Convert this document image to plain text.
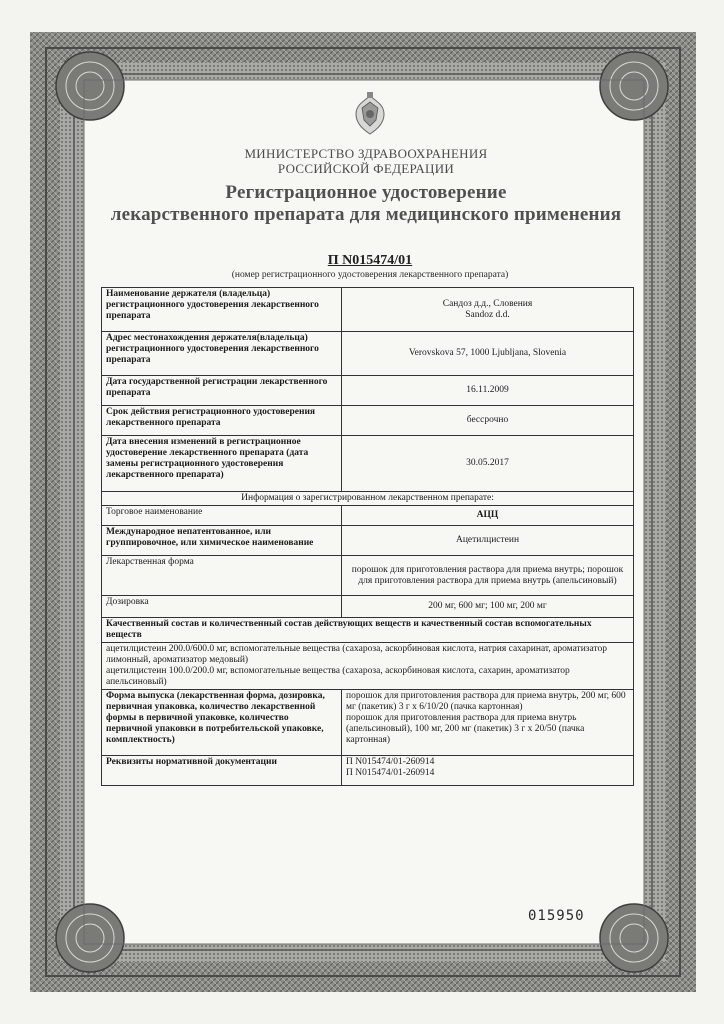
МИНИСТЕРСТВО ЗДРАВООХРАНЕНИЯ
РОССИЙСКОЙ ФЕДЕРАЦИИ
Регистрационное удостоверение
лекарственного препарата для медицинского применения
П N015474/01
(номер регистрационного удостоверения лекарственного препарата)
Наименование держателя (владельца) регистрационного удостоверения лекарственного препарата	Сандоз д.д., Словения
Sandoz d.d.

Адрес местонахождения держателя(владельца) регистрационного удостоверения лекарственного препарата	Verovskova 57, 1000 Ljubljana, Slovenia
Дата государственной регистрации лекарственного препарата	16.11.2009
Срок действия регистрационного удостоверения лекарственного препарата	бессрочно
Дата внесения изменений в регистрационное удостоверение лекарственного препарата (дата замены регистрационного удостоверения лекарственного препарата)	30.05.2017
Информация о зарегистрированном лекарственном препарате:	
Торговое наименование	АЦЦ
Международное непатентованное, или группировочное, или химическое наименование	Ацетилцистеин
Лекарственная форма	порошок для приготовления раствора для приема внутрь; порошок для приготовления раствора для приема внутрь (апельсиновый)
Дозировка	200 мг, 600 мг; 100 мг, 200 мг
Качественный состав и количественный состав действующих веществ и качественный состав вспомогательных веществ	

ацетилцистеин 200.0/600.0 мг, вспомогательные вещества (сахароза, аскорбиновая кислота, натрия сахаринат, ароматизатор лимонный, ароматизатор медовый)
ацетилцистеин 100.0/200.0 мг, вспомогательные вещества (сахароза, аскорбиновая кислота, сахарин, ароматизатор апельсиновый)	

Форма выпуска (лекарственная форма, дозировка, первичная упаковка, количество лекарственной формы в первичной упаковке, количество первичной упаковки в потребительской упаковке, комплектность)	порошок для приготовления раствора для приема внутрь, 200 мг, 600 мг (пакетик) 3 г х 6/10/20 (пачка картонная)
порошок для приготовления раствора для приема внутрь (апельсиновый), 100 мг, 200 мг (пакетик) 3 г х 20/50 (пачка картонная)

Реквизиты нормативной документации	П N015474/01-260914
П N015474/01-260914
015950
